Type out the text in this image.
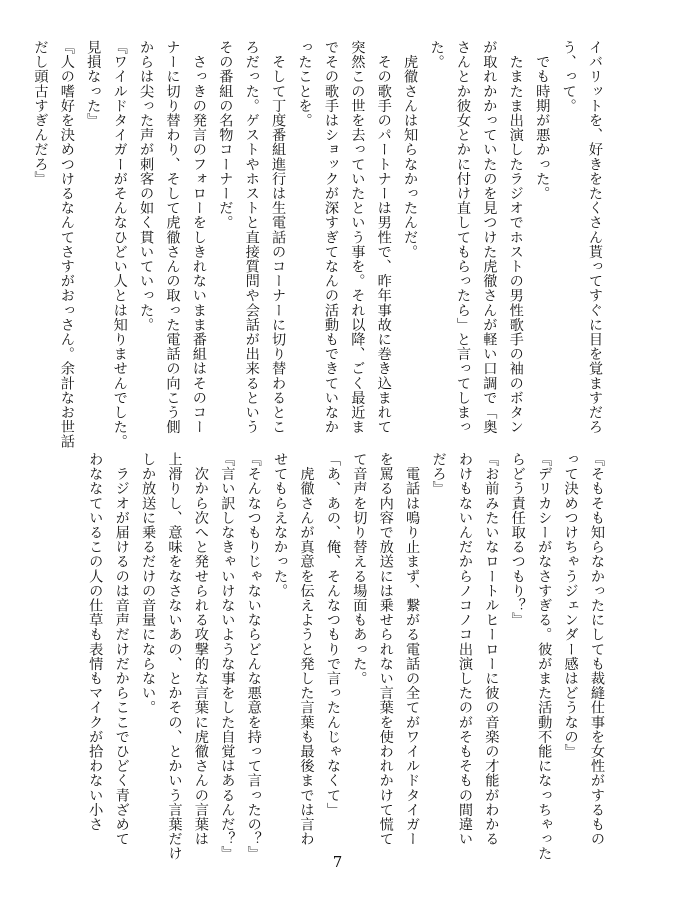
イバリットを、好きをたくさん貰ってすぐに目を覚ますだろ

う、って。

　でも時期が悪かった。

　たまたま出演したラジオでホストの男性歌手の袖のボタン

が取れかかっていたのを見つけた虎徹さんが軽い口調で「奥

さんとか彼女とかに付け直してもらったら」と言ってしまっ

た。

　虎徹さんは知らなかったんだ。

　その歌手のパートナーは男性で、昨年事故に巻き込まれて

突然この世を去っていたという事を。それ以降、ごく最近ま

でその歌手はショックが深すぎてなんの活動もできていなか

ったことを。

　そして丁度番組進行は生電話のコーナーに切り替わるとこ

ろだった。ゲストやホストと直接質問や会話が出来るという

その番組の名物コーナーだ。

　さっきの発言のフォローをしきれないまま番組はそのコー

ナーに切り替わり、そして虎徹さんの取った電話の向こう側

からは尖った声が刺客の如く貫いていった。

『ワイルドタイガーがそんなひどい人とは知りませんでした。

見損なった』

『人の嗜好を決めつけるなんてさすがおっさん。余計なお世話

だし頭古すぎんだろ』

『そもそも知らなかったにしても裁縫仕事を女性がするもの

って決めつけちゃうジェンダー感はどうなの』

『デリカシーがなさすぎる。彼がまた活動不能になっちゃった

らどう責任取るつもり？』

『お前みたいなロートルヒーローに彼の音楽の才能がわかる

わけもないんだからノコノコ出演したのがそもそもの間違い

だろ』

　電話は鳴り止まず、繋がる電話の全てがワイルドタイガー

を罵る内容で放送には乗せられない言葉を使われかけて慌て

て音声を切り替える場面もあった。

「あ、あの、俺、そんなつもりで言ったんじゃなくて」

　虎徹さんが真意を伝えようと発した言葉も最後までは言わ

せてもらえなかった。

『そんなつもりじゃないならどんな悪意を持って言ったの？』

『言い訳しなきゃいけないような事をした自覚はあるんだ？』

　次から次へと発せられる攻撃的な言葉に虎徹さんの言葉は

上滑りし、意味をなさないあの、とかその、とかいう言葉だけ

しか放送に乗るだけの音量にならない。

　ラジオが届けるのは音声だけだからここでひどく青ざめて

わななているこの人の仕草も表情もマイクが拾わない小さ

7
